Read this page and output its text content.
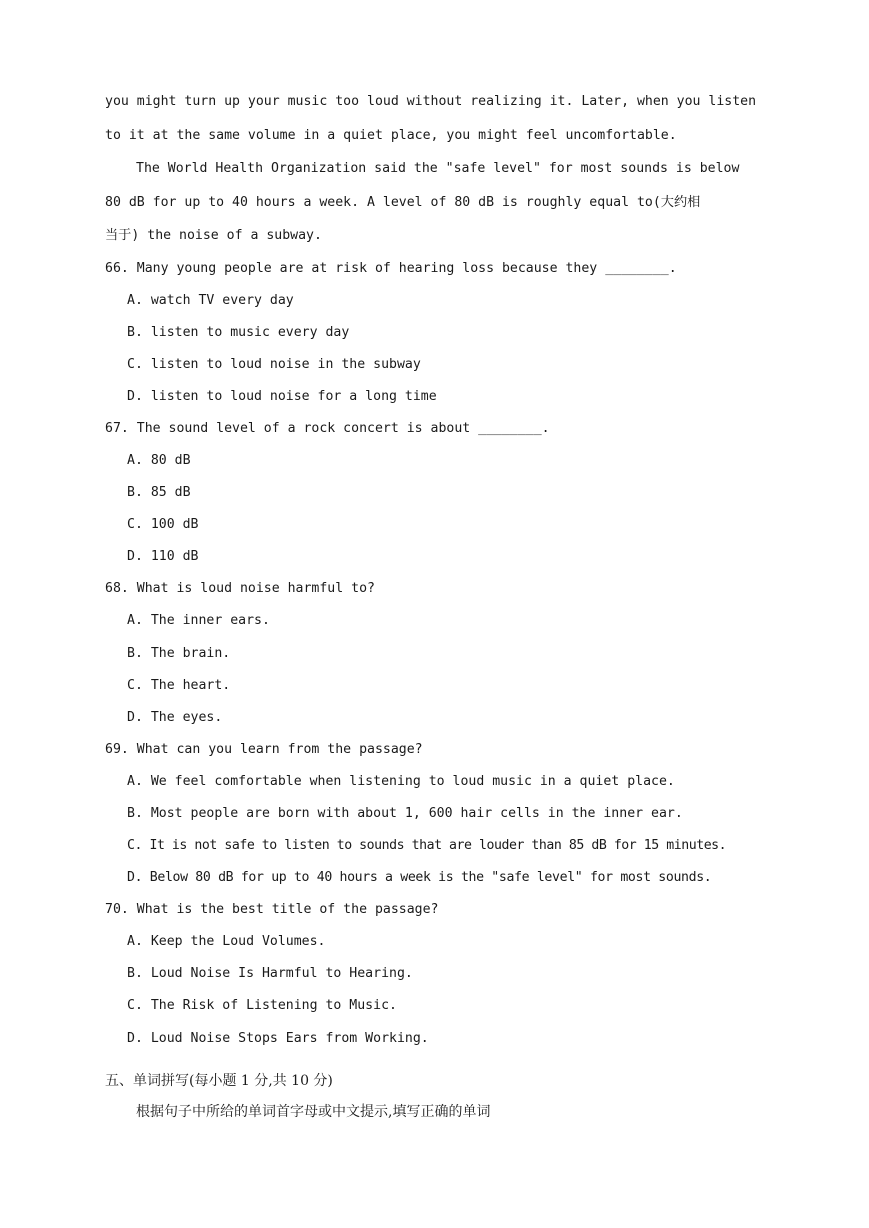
you might turn up your music too loud without realizing it. Later, when you listen
to it at the same volume in a quiet place, you might feel uncomfortable.
The World Health Organization said the "safe level" for most sounds is below
80 dB for up to 40 hours a week. A level of 80 dB is roughly equal to(大约相
当于) the noise of a subway.
66. Many young people are at risk of hearing loss because they ________.
A. watch TV every day
B. listen to music every day
C. listen to loud noise in the subway
D. listen to loud noise for a long time
67. The sound level of a rock concert is about ________.
A. 80 dB
B. 85 dB
C. 100 dB
D. 110 dB
68. What is loud noise harmful to?
A. The inner ears.
B. The brain.
C. The heart.
D. The eyes.
69. What can you learn from the passage?
A. We feel comfortable when listening to loud music in a quiet place.
B. Most people are born with about 1, 600 hair cells in the inner ear.
C. It is not safe to listen to sounds that are louder than 85 dB for 15 minutes.
D. Below 80 dB for up to 40 hours a week is the "safe level" for most sounds.
70. What is the best title of the passage?
A. Keep the Loud Volumes.
B. Loud Noise Is Harmful to Hearing.
C. The Risk of Listening to Music.
D. Loud Noise Stops Ears from Working.
五、单词拼写(每小题 1 分,共 10 分)
根据句子中所给的单词首字母或中文提示,填写正确的单词
